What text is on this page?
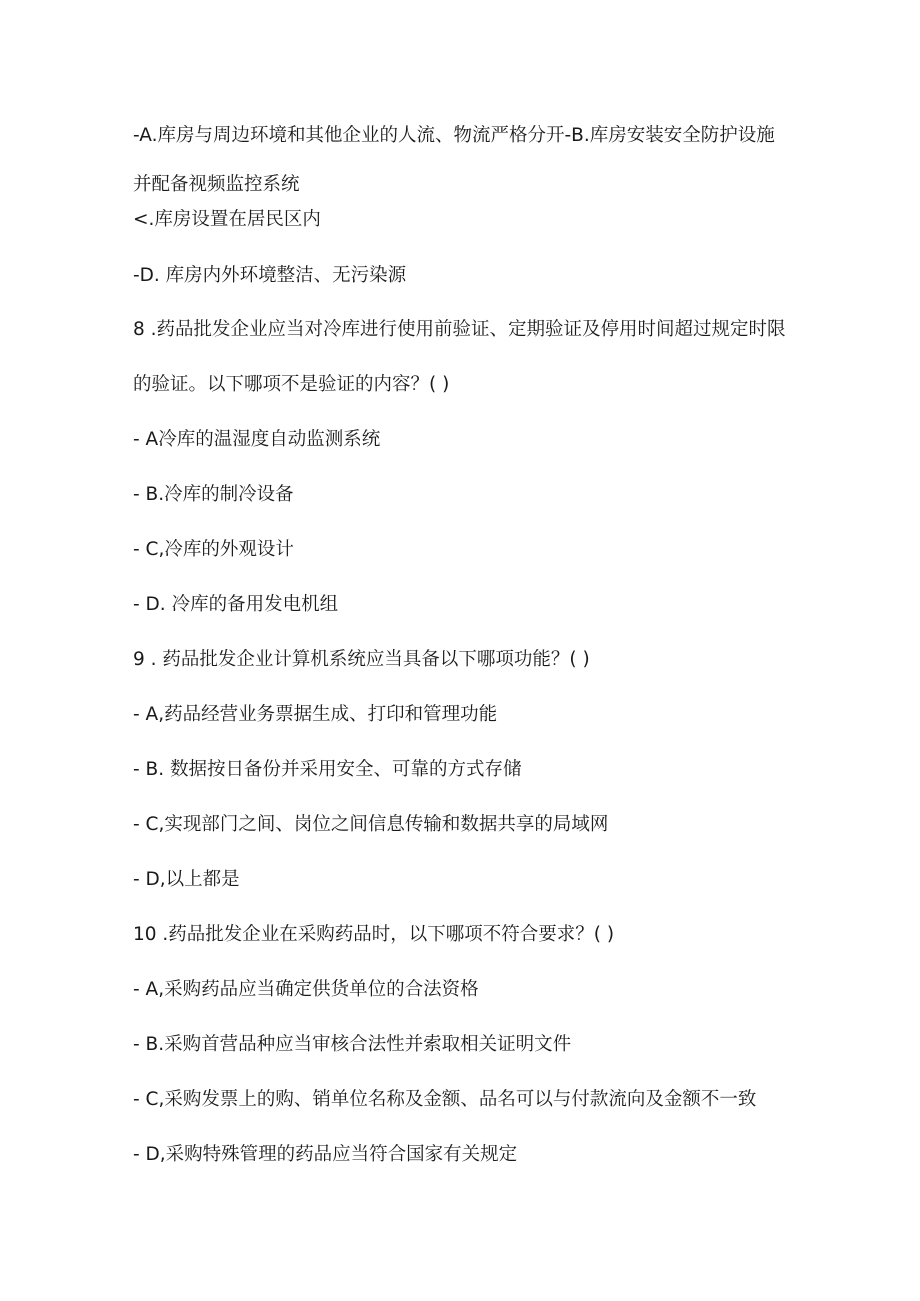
-A.库房与周边环境和其他企业的人流、物流严格分开-B.库房安装安全防护设施
并配备视频监控系统
<.库房设置在居民区内
-D. 库房内外环境整洁、无污染源
8 .药品批发企业应当对冷库进行使用前验证、定期验证及停用时间超过规定时限
的验证。以下哪项不是验证的内容？( )
- A冷库的温湿度自动监测系统
- B.冷库的制冷设备
- C,冷库的外观设计
- D. 冷库的备用发电机组
9 . 药品批发企业计算机系统应当具备以下哪项功能？( )
- A,药品经营业务票据生成、打印和管理功能
- B. 数据按日备份并采用安全、可靠的方式存储
- C,实现部门之间、岗位之间信息传输和数据共享的局域网
- D,以上都是
10 .药品批发企业在采购药品时，以下哪项不符合要求？( )
- A,采购药品应当确定供货单位的合法资格
- B.采购首营品种应当审核合法性并索取相关证明文件
- C,采购发票上的购、销单位名称及金额、品名可以与付款流向及金额不一致
- D,采购特殊管理的药品应当符合国家有关规定
